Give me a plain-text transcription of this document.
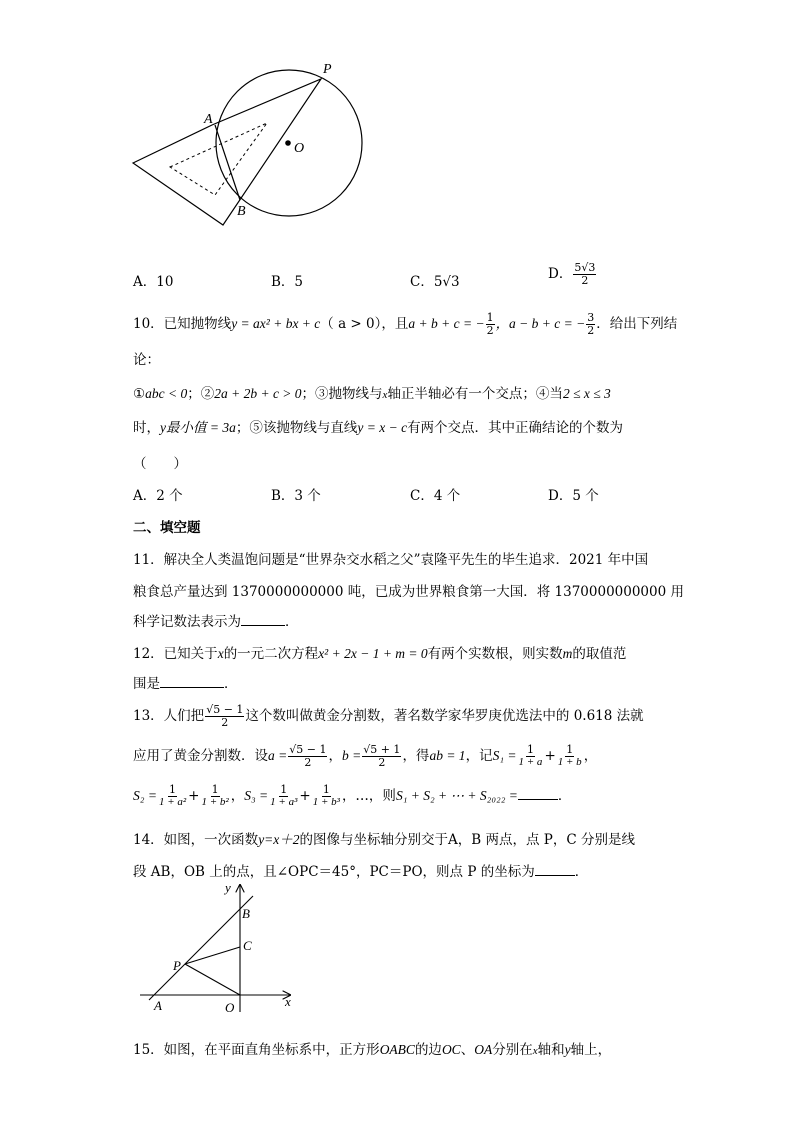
P
A
O
B
A．10	B．5	C．5√3	D． $\frac{5√3}{2}$
10．已知抛物线y = ax² + bx + c（ a > 0），且a + b + c = − $\frac{1}{2}$ ，a − b + c = − $\frac{3}{2}$ ．给出下列结
论：
①abc < 0；②2a + 2b + c > 0；③抛物线与x轴正半轴必有一个交点；④当2 ≤ x ≤ 3
时，y最小值 = 3a；⑤该抛物线与直线y = x − c有两个交点．其中正确结论的个数为
（　　）
A．2 个	B．3 个	C．4 个	D．5 个
二、填空题
11．解决全人类温饱问题是“世界杂交水稻之父”袁隆平先生的毕生追求．2021 年中国
粮食总产量达到 1370000000000 吨，已成为世界粮食第一大国．将 1370000000000 用
科学记数法表示为	．
12．已知关于x的一元二次方程x² + 2x − 1 + m = 0有两个实数根，则实数m的取值范
围是	．
13．人们把 $\frac{√5 - 1}{2}$ 这个数叫做黄金分割数，著名数学家华罗庚优选法中的 0.618 法就
应用了黄金分割数．设$a = \frac{√5 - 1}{2}$ ，$b = \frac{√5 + 1}{2}$ ，得ab = 1，记$S_1 = \frac{1}{1 + a} + \frac{1}{1 + b}$ ，
$S_2 = \frac{1}{\text{1 + a²}} + \frac{1}{\text{1 + b²}}$ ，$S_3 = \frac{1}{\text{1 + a³}} + \frac{1}{\text{1 + b³}}$ ，…，则S₁ + S₂ + ⋯ + S₂₀₂₂ =	．
14．如图，一次函数y=x＋2的图像与坐标轴分别交于A，B 两点，点 P，C 分别是线
段 AB，OB 上的点，且∠OPC＝45°，PC＝PO，则点 P 的坐标为	．
y
x
B
C
P
A	O
15．如图，在平面直角坐标系中，正方形OABC的边OC、OA分别在x轴和y轴上，
